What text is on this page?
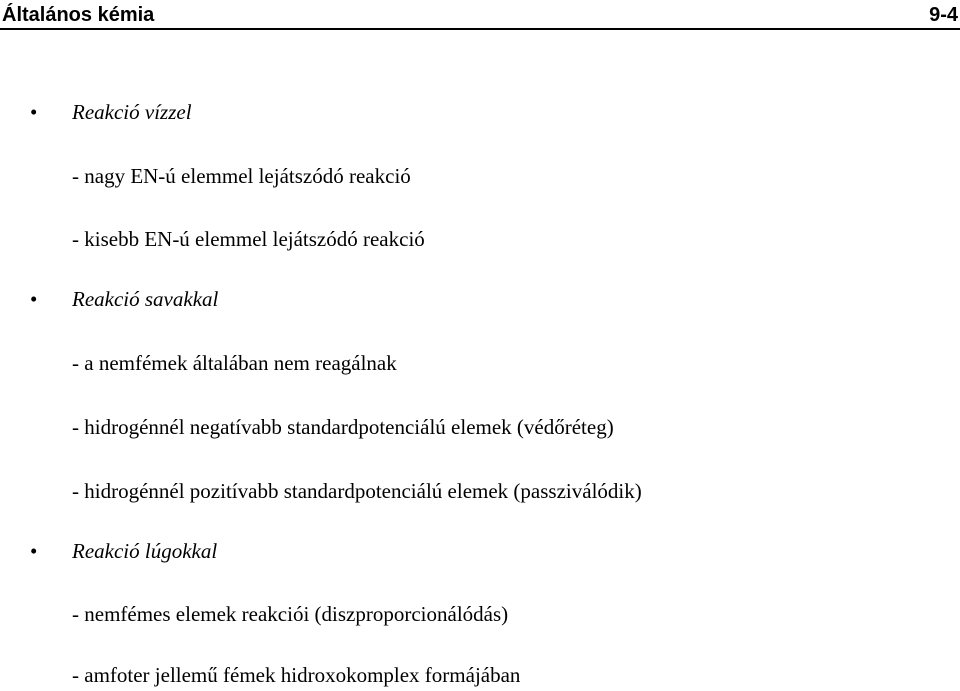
Általános kémia	9-4
• Reakció vízzel
- nagy EN-ú elemmel lejátszódó reakció
- kisebb EN-ú elemmel lejátszódó reakció
• Reakció savakkal
- a nemfémek általában nem reagálnak
- hidrogénnél negatívabb standardpotenciálú elemek (védőréteg)
- hidrogénnél pozitívabb standardpotenciálú elemek (passziválódik)
• Reakció lúgokkal
- nemfémes elemek reakciói (diszproporcionálódás)
- amfoter jellemű fémek hidroxokomplex formájában
